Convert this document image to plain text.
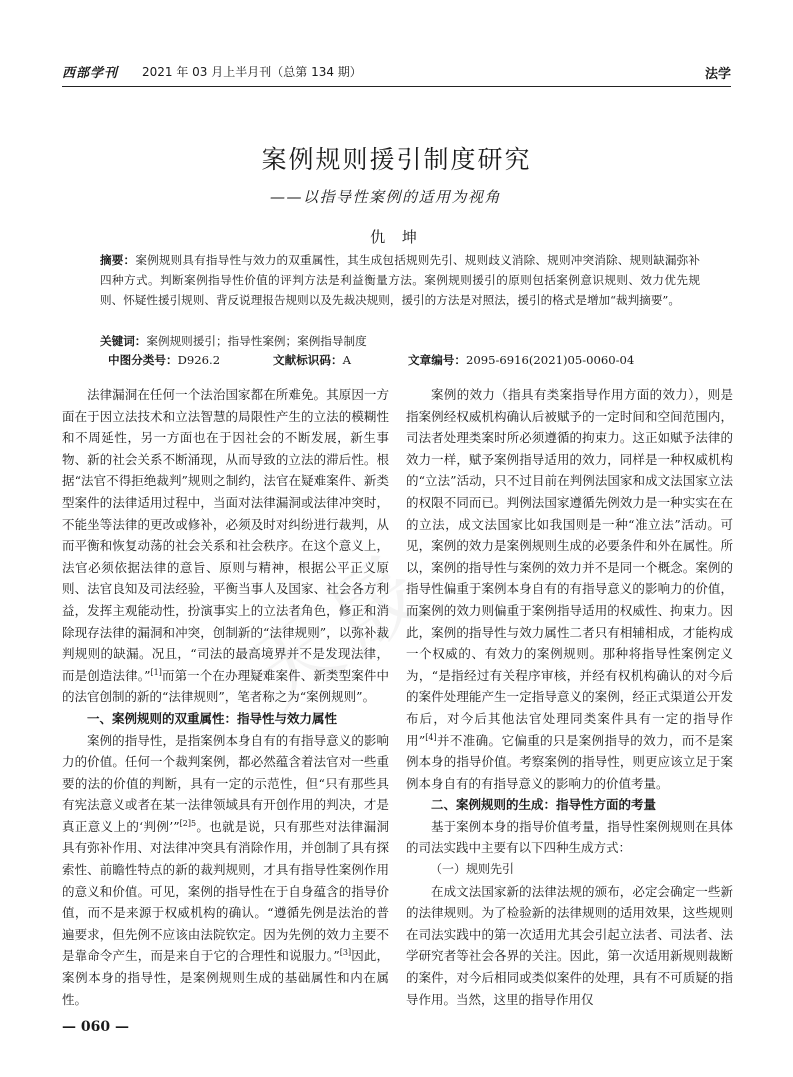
西部学刊 2021 年 03 月上半月刊（总第 134 期）	法学
案例规则援引制度研究
——以指导性案例的适用为视角
仇 坤
摘要：案例规则具有指导性与效力的双重属性，其生成包括规则先引、规则歧义消除、规则冲突消除、规则缺漏弥补四种方式。判断案例指导性价值的评判方法是利益衡量方法。案例规则援引的原则包括案例意识规则、效力优先规则、怀疑性援引规则、背反说理报告规则以及先裁决规则，援引的方法是对照法，援引的格式是增加“裁判摘要”。
关键词：案例规则援引；指导性案例；案例指导制度
中图分类号：D926.2	文献标识码：A	文章编号：2095-6916(2021)05-0060-04

法律漏洞在任何一个法治国家都在所难免。其原因一方面在于因立法技术和立法智慧的局限性产生的立法的模糊性和不周延性，另一方面也在于因社会的不断发展，新生事物、新的社会关系不断涌现，从而导致的立法的滞后性。根据“法官不得拒绝裁判”规则之制约，法官在疑难案件、新类型案件的法律适用过程中，当面对法律漏洞或法律冲突时，不能坐等法律的更改或修补，必须及时对纠纷进行裁判，从而平衡和恢复动荡的社会关系和社会秩序。在这个意义上，法官必须依据法律的意旨、原则与精神，根据公平正义原则、法官良知及司法经验，平衡当事人及国家、社会各方利益，发挥主观能动性，扮演事实上的立法者角色，修正和消除现存法律的漏洞和冲突，创制新的“法律规则”，以弥补裁判规则的缺漏。况且，“司法的最高境界并不是发现法律，而是创造法律。”[1]而第一个在办理疑难案件、新类型案件中的法官创制的新的“法律规则”，笔者称之为“案例规则”。

一、案例规则的双重属性：指导性与效力属性

案例的指导性，是指案例本身自有的有指导意义的影响力的价值。任何一个裁判案例，都必然蕴含着法官对一些重要的法的价值的判断，具有一定的示范性，但“只有那些具有宪法意义或者在某一法律领域具有开创作用的判决，才是真正意义上的‘判例’”$^{[2]5}$。也就是说，只有那些对法律漏洞具有弥补作用、对法律冲突具有消除作用，并创制了具有探索性、前瞻性特点的新的裁判规则，才具有指导性案例作用的意义和价值。可见，案例的指导性在于自身蕴含的指导价值，而不是来源于权威机构的确认。“遵循先例是法治的普遍要求，但先例不应该由法院钦定。因为先例的效力主要不是靠命令产生，而是来自于它的合理性和说服力。”[3]因此，案例本身的指导性，是案例规则生成的基础属性和内在属性。

案例的效力（指具有类案指导作用方面的效力），则是指案例经权威机构确认后被赋予的一定时间和空间范围内，司法者处理类案时所必须遵循的拘束力。这正如赋予法律的效力一样，赋予案例指导适用的效力，同样是一种权威机构的“立法”活动，只不过目前在判例法国家和成文法国家立法的权限不同而已。判例法国家遵循先例效力是一种实实在在的立法，成文法国家比如我国则是一种“准立法”活动。可见，案例的效力是案例规则生成的必要条件和外在属性。所以，案例的指导性与案例的效力并不是同一个概念。案例的指导性偏重于案例本身自有的有指导意义的影响力的价值，而案例的效力则偏重于案例指导适用的权威性、拘束力。因此，案例的指导性与效力属性二者只有相辅相成，才能构成一个权威的、有效力的案例规则。那种将指导性案例定义为，“是指经过有关程序审核，并经有权机构确认的对今后的案件处理能产生一定指导意义的案例，经正式渠道公开发布后，对今后其他法官处理同类案件具有一定的指导作用”[4]并不准确。它偏重的只是案例指导的效力，而不是案例本身的指导价值。考察案例的指导性，则更应该立足于案例本身自有的有指导意义的影响力的价值考量。

二、案例规则的生成：指导性方面的考量

基于案例本身的指导价值考量，指导性案例规则在具体的司法实践中主要有以下四种生成方式：

（一）规则先引

在成文法国家新的法律法规的颁布，必定会确定一些新的法律规则。为了检验新的法律规则的适用效果，这些规则在司法实践中的第一次适用尤其会引起立法者、司法者、法学研究者等社会各界的关注。因此，第一次适用新规则裁断的案件，对今后相同或类似案件的处理，具有不可质疑的指导作用。当然，这里的指导作用仅

— 060 —
